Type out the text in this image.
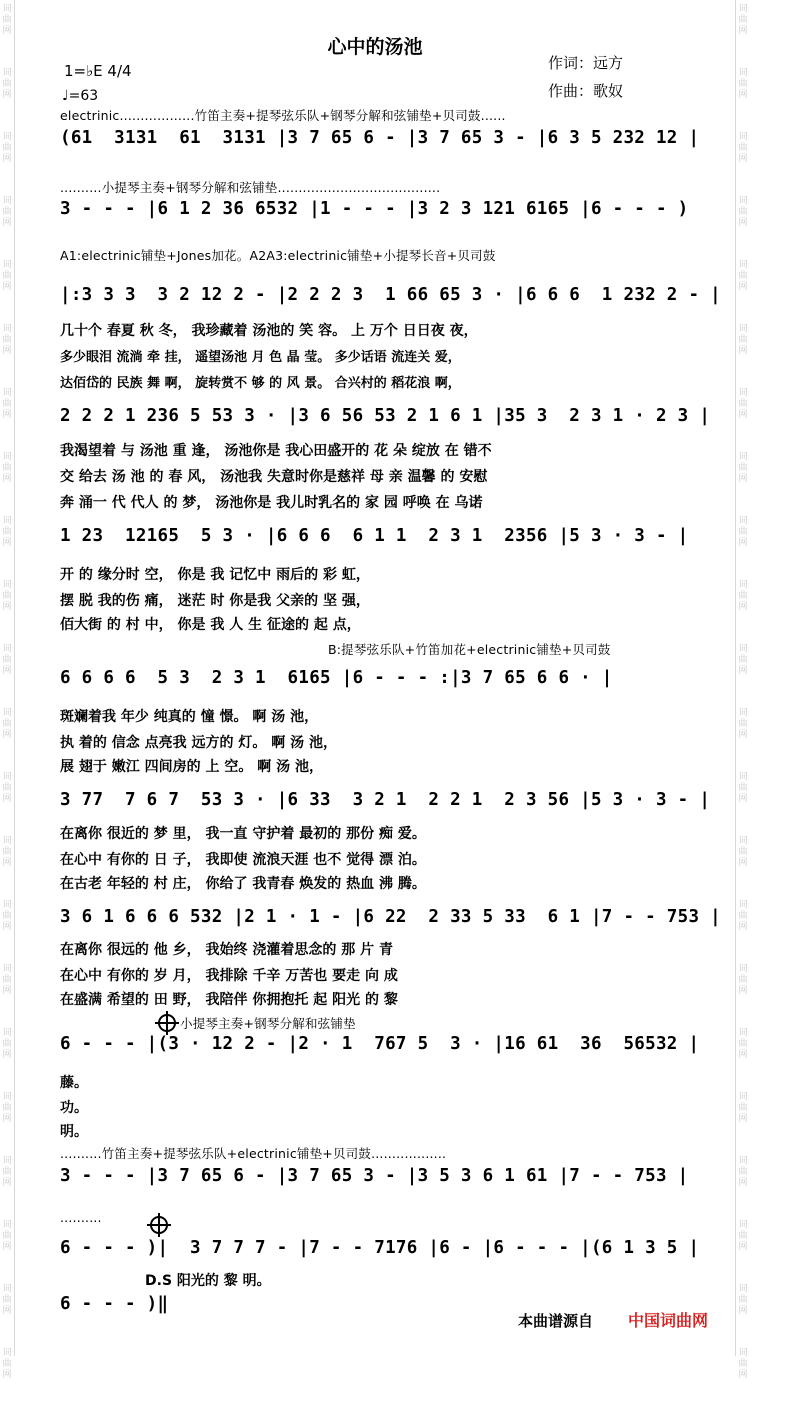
词曲网
词曲网
词曲网
词曲网
词曲网
词曲网
词曲网
词曲网
词曲网
词曲网
词曲网
词曲网
词曲网
词曲网
词曲网
词曲网
词曲网
词曲网
词曲网
词曲网
词曲网
词曲网
词曲网
词曲网
词曲网
词曲网
词曲网
词曲网
词曲网
词曲网
词曲网
词曲网
词曲网
词曲网
词曲网
词曲网
词曲网
词曲网
词曲网
词曲网
词曲网
词曲网
词曲网
词曲网
心中的汤池
1=♭E 4/4
♩=63
作词：远方
作曲：歌奴
electrinic..................竹笛主奏+提琴弦乐队+钢琴分解和弦铺垫+贝司鼓......
(61  3131  61  3131 |3 7 65 6 - |3 7 65 3 - |6 3 5 232 12 |
..........小提琴主奏+钢琴分解和弦铺垫.......................................
3 - - - |6 1 2 36 6532 |1 - - - |3 2 3 121 6165 |6 - - - )
A1:electrinic铺垫+Jones加花。A2A3:electrinic铺垫+小提琴长音+贝司鼓
|:3 3 3  3 2 12 2 - |2 2 2 3  1 66 65 3 · |6 6 6  1 232 2 - |
几十个 春夏 秋 冬， 我珍藏着 汤池的 笑 容。 上 万个 日日夜 夜，
多少眼泪 流淌 牵 挂， 遥望汤池 月 色 晶 莹。 多少话语 流连关 爱，
达佰岱的 民族 舞 啊， 旋转赏不 够 的 风 景。 合兴村的 稻花浪 啊，
2 2 2 1 236 5 53 3 · |3 6 56 53 2 1 6 1 |35 3  2 3 1 · 2 3 |
我渴望着 与 汤池 重 逢， 汤池你是 我心田盛开的 花 朵 绽放 在 错不
交 给去 汤 池 的 春 风， 汤池我 失意时你是慈祥 母 亲 温馨 的 安慰
奔 涌一 代 代人 的 梦， 汤池你是 我儿时乳名的 家 园 呼唤 在 乌诺
1 23  12165  5 3 · |6 6 6  6 1 1  2 3 1  2356 |5 3 · 3 - |
开 的 缘分时 空， 你是 我 记忆中 雨后的 彩 虹，
摆 脱 我的伤 痛， 迷茫 时 你是我 父亲的 坚 强，
佰大街 的 村 中， 你是 我 人 生 征途的 起 点，
B:提琴弦乐队+竹笛加花+electrinic铺垫+贝司鼓
6 6 6 6  5 3  2 3 1  6165 |6 - - - :|3 7 65 6 6 · |
斑斓着我 年少 纯真的 憧 憬。 啊 汤 池，
执 着的 信念 点亮我 远方的 灯。 啊 汤 池，
展 翅于 嫩江 四间房的 上 空。 啊 汤 池，
3 77  7 6 7  53 3 · |6 33  3 2 1  2 2 1  2 3 56 |5 3 · 3 - |
在离你 很近的 梦 里， 我一直 守护着 最初的 那份 痴 爱。
在心中 有你的 日 子， 我即使 流浪天涯 也不 觉得 漂 泊。
在古老 年轻的 村 庄， 你给了 我青春 焕发的 热血 沸 腾。
3 6 1 6 6 6 532 |2 1 · 1 - |6 22  2 33 5 33  6 1 |7 - - 753 |
在离你 很远的 他 乡， 我始终 浇灌着思念的 那 片 青
在心中 有你的 岁 月， 我排除 千辛 万苦也 要走 向 成
在盛满 希望的 田 野， 我陪伴 你拥抱托 起 阳光 的 黎
小提琴主奏+钢琴分解和弦铺垫
6 - - - |(3 · 12 2 - |2 · 1  767 5  3 · |16 61  36  56532 |
藤。
功。
明。
..........竹笛主奏+提琴弦乐队+electrinic铺垫+贝司鼓..................
3 - - - |3 7 65 6 - |3 7 65 3 - |3 5 3 6 1 61 |7 - - 753 |
..........
6 - - - )|  3 7 7 7 - |7 - - 7176 |6 - |6 - - - |(6 1 3 5 |
D.S 阳光的 黎 明。
6 - - - )‖
本曲谱源自 中国词曲网
